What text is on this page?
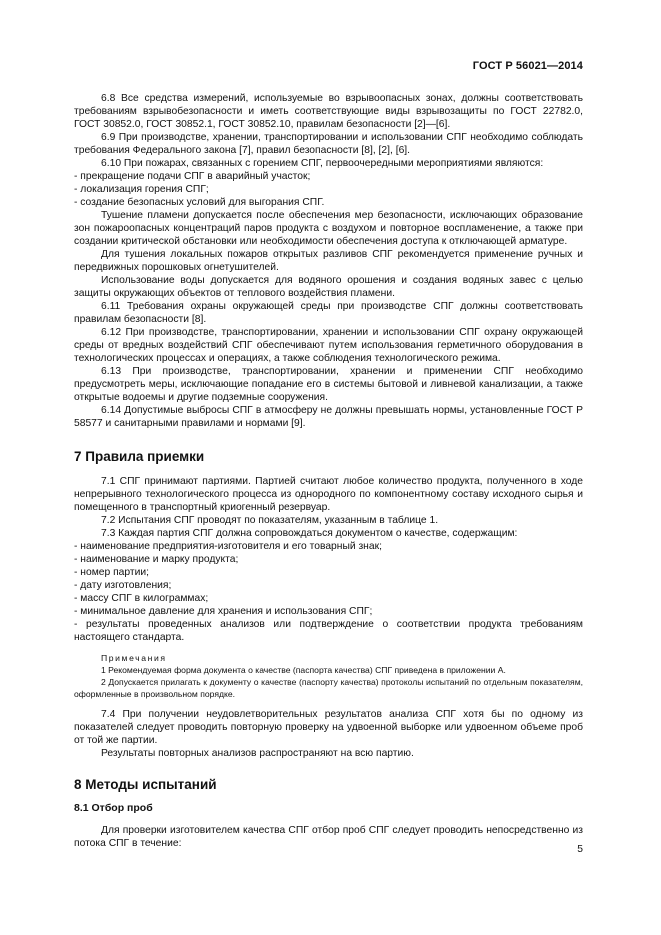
ГОСТ Р 56021—2014

6.8 Все средства измерений, используемые во взрывоопасных зонах, должны соответствовать требованиям взрывобезопасности и иметь соответствующие виды взрывозащиты по ГОСТ 22782.0, ГОСТ 30852.0, ГОСТ 30852.1, ГОСТ 30852.10, правилам безопасности [2]—[6].

6.9 При производстве, хранении, транспортировании и использовании СПГ необходимо соблюдать требования Федерального закона [7], правил безопасности [8], [2], [6].

6.10 При пожарах, связанных с горением СПГ, первоочередными мероприятиями являются:

- прекращение подачи СПГ в аварийный участок;
- локализация горения СПГ;
- создание безопасных условий для выгорания СПГ.

Тушение пламени допускается после обеспечения мер безопасности, исключающих образование зон пожароопасных концентраций паров продукта с воздухом и повторное воспламенение, а также при создании критической обстановки или необходимости обеспечения доступа к отключающей арматуре.

Для тушения локальных пожаров открытых разливов СПГ рекомендуется применение ручных и передвижных порошковых огнетушителей.

Использование воды допускается для водяного орошения и создания водяных завес с целью защиты окружающих объектов от теплового воздействия пламени.

6.11 Требования охраны окружающей среды при производстве СПГ должны соответствовать правилам безопасности [8].

6.12 При производстве, транспортировании, хранении и использовании СПГ охрану окружающей среды от вредных воздействий СПГ обеспечивают путем использования герметичного оборудования в технологических процессах и операциях, а также соблюдения технологического режима.

6.13 При производстве, транспортировании, хранении и применении СПГ необходимо предусмотреть меры, исключающие попадание его в системы бытовой и ливневой канализации, а также открытые водоемы и другие подземные сооружения.

6.14 Допустимые выбросы СПГ в атмосферу не должны превышать нормы, установленные ГОСТ Р 58577 и санитарными правилами и нормами [9].

7 Правила приемки

7.1 СПГ принимают партиями. Партией считают любое количество продукта, полученного в ходе непрерывного технологического процесса из однородного по компонентному составу исходного сырья и помещенного в транспортный криогенный резервуар.

7.2 Испытания СПГ проводят по показателям, указанным в таблице 1.

7.3 Каждая партия СПГ должна сопровождаться документом о качестве, содержащим:

- наименование предприятия-изготовителя и его товарный знак;
- наименование и марку продукта;
- номер партии;
- дату изготовления;
- массу СПГ в килограммах;
- минимальное давление для хранения и использования СПГ;
- результаты проведенных анализов или подтверждение о соответствии продукта требованиям настоящего стандарта.
Примечания

1 Рекомендуемая форма документа о качестве (паспорта качества) СПГ приведена в приложении А.

2 Допускается прилагать к документу о качестве (паспорту качества) протоколы испытаний по отдельным показателям, оформленные в произвольном порядке.

7.4 При получении неудовлетворительных результатов анализа СПГ хотя бы по одному из показателей следует проводить повторную проверку на удвоенной выборке или удвоенном объеме проб от той же партии.

Результаты повторных анализов распространяют на всю партию.

8 Методы испытаний
8.1 Отбор проб

Для проверки изготовителем качества СПГ отбор проб СПГ следует проводить непосредственно из потока СПГ в течение:

5
